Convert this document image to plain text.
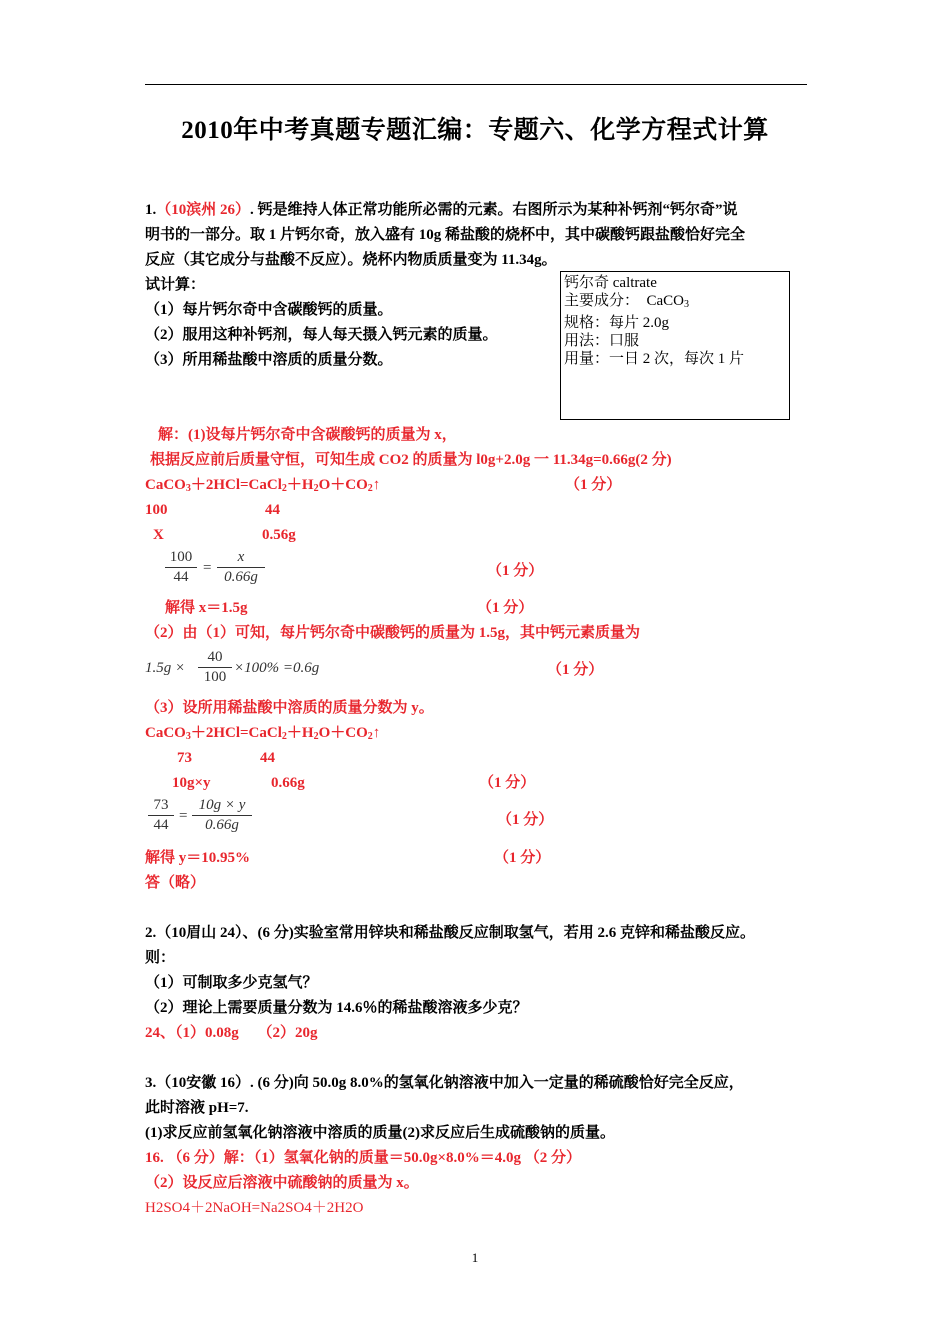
2010年中考真题专题汇编：专题六、化学方程式计算
1.（10滨州 26）. 钙是维持人体正常功能所必需的元素。右图所示为某种补钙剂“钙尔奇”说
明书的一部分。取 1 片钙尔奇，放入盛有 10g 稀盐酸的烧杯中，其中碳酸钙跟盐酸恰好完全
反应（其它成分与盐酸不反应）。烧杯内物质质量变为 11.34g。
试计算：
（1）每片钙尔奇中含碳酸钙的质量。
（2）服用这种补钙剂，每人每天摄入钙元素的质量。
（3）所用稀盐酸中溶质的质量分数。
钙尔奇 caltrate
主要成分： CaCO$_3$
规格：每片 2.0g
用法：口服
用量：一日 2 次，每次 1 片
解：(1)设每片钙尔奇中含碳酸钙的质量为 x，
根据反应前后质量守恒，可知生成 CO2 的质量为 l0g+2.0g 一 11.34g=0.66g(2 分)
$CaCO_3+2HCl=CaCl_2+H_2O+CO_2↑$	（1 分）
100	44
X	0.56g
100
44
=
x
0.66g	（1 分）
解得 x＝1.5g	（1 分）
（2）由（1）可知，每片钙尔奇中碳酸钙的质量为 1.5g，其中钙元素质量为
1.5g ×
40
100
×100% =0.6g	（1 分）
（3）设所用稀盐酸中溶质的质量分数为 y。
$CaCO_3+2HCl=CaCl_2+H_2O+CO_2↑$
73	44
10g×y	0.66g	（1 分）
73
44
=
10g × y
0.66g	（1 分）
解得 y＝10.95%	（1 分）
答（略）
2.（10眉山 24）、(6 分)实验室常用锌块和稀盐酸反应制取氢气，若用 2.6 克锌和稀盐酸反应。
则：
（1）可制取多少克氢气？
（2）理论上需要质量分数为 14.6％的稀盐酸溶液多少克？
24、（1）0.08g　 （2）20g
3.（10安徽 16）. (6 分)向 50.0g 8.0%的氢氧化钠溶液中加入一定量的稀硫酸恰好完全反应，
此时溶液 pH=7.
(1)求反应前氢氧化钠溶液中溶质的质量(2)求反应后生成硫酸钠的质量。
16. （6 分）解：（1）氢氧化钠的质量＝50.0g×8.0%＝4.0g （2 分）
（2）设反应后溶液中硫酸钠的质量为 x。
H2SO4＋2NaOH=Na2SO4＋2H2O
1
